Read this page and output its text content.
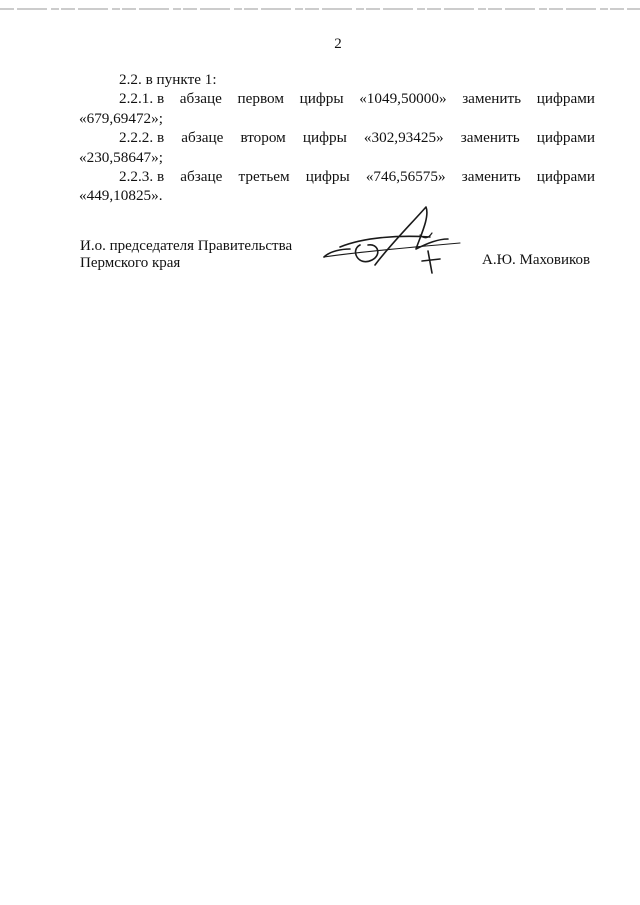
2

2.2. в пункте 1:

2.2.1. в абзаце первом цифры «1049,50000» заменить цифрами

«679,69472»;

2.2.2. в абзаце втором цифры «302,93425» заменить цифрами

«230,58647»;

2.2.3. в абзаце третьем цифры «746,56575» заменить цифрами

«449,10825».

И.о. председателя Правительства
Пермского края	А.Ю. Маховиков
